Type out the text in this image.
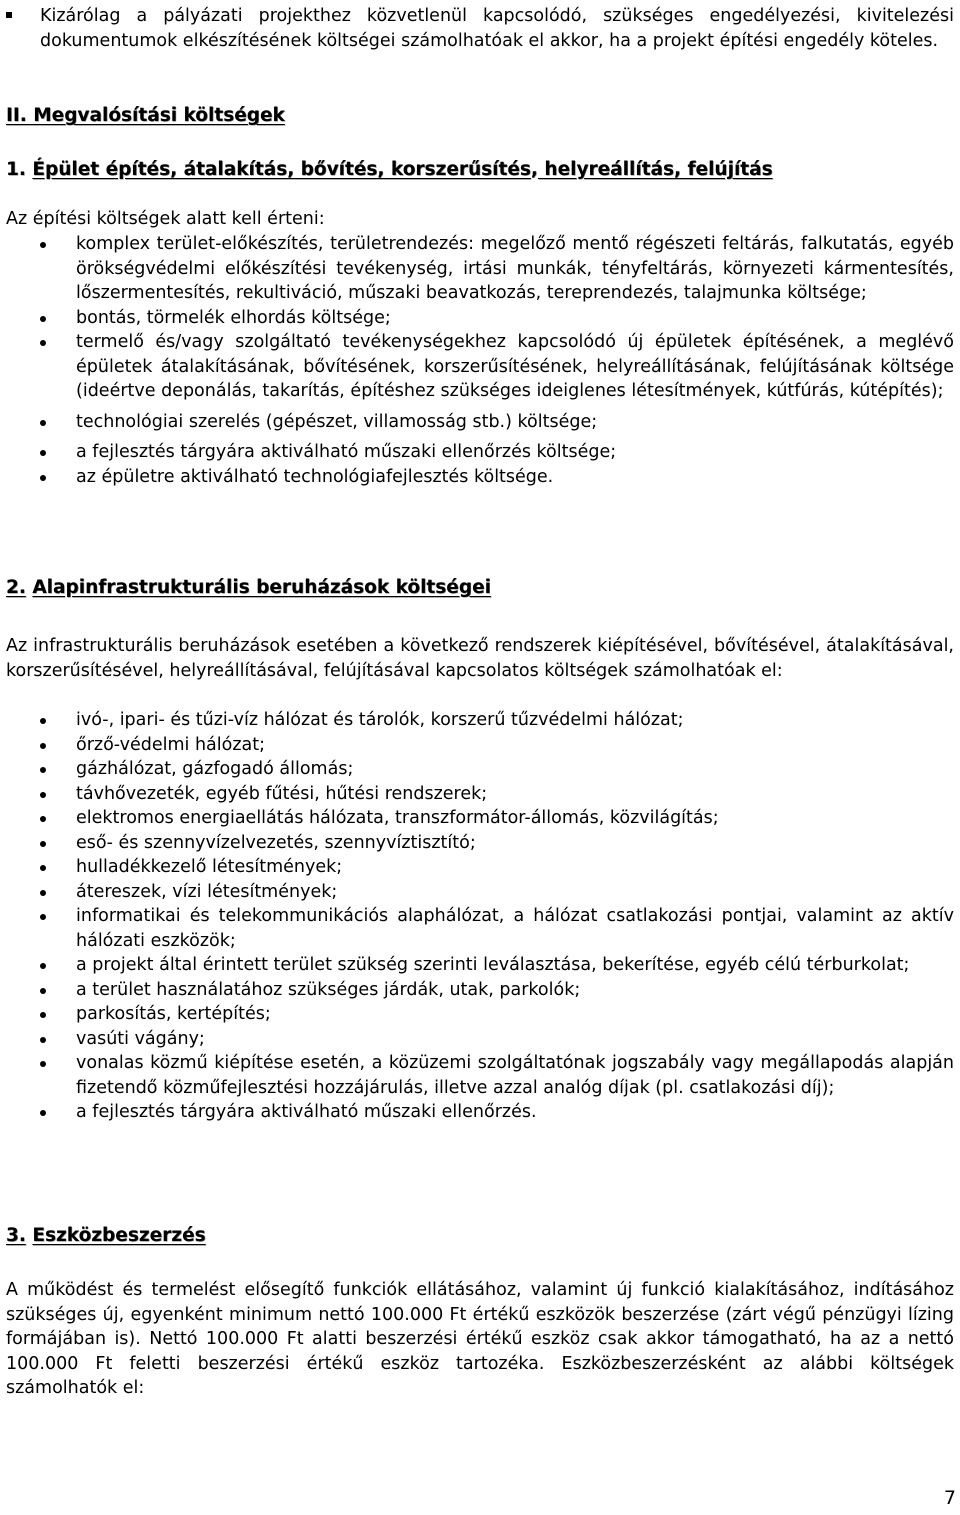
Kizárólag a pályázati projekthez közvetlenül kapcsolódó, szükséges engedélyezési, kivitelezési dokumentumok elkészítésének költségei számolhatóak el akkor, ha a projekt építési engedély köteles.

II. Megvalósítási költségek

1. Épület építés, átalakítás, bővítés, korszerűsítés, helyreállítás, felújítás

Az építési költségek alatt kell érteni:

komplex terület-előkészítés, területrendezés: megelőző mentő régészeti feltárás, falkutatás, egyéb örökségvédelmi előkészítési tevékenység, irtási munkák, tényfeltárás, környezeti kármentesítés, lőszermentesítés, rekultiváció, műszaki beavatkozás, tereprendezés, talajmunka költsége;
bontás, törmelék elhordás költsége;
termelő és/vagy szolgáltató tevékenységekhez kapcsolódó új épületek építésének, a meglévő épületek átalakításának, bővítésének, korszerűsítésének, helyreállításának, felújításának költsége (ideértve deponálás, takarítás, építéshez szükséges ideiglenes létesítmények, kútfúrás, kútépítés);
technológiai szerelés (gépészet, villamosság stb.) költsége;
a fejlesztés tárgyára aktiválható műszaki ellenőrzés költsége;
az épületre aktiválható technológiafejlesztés költsége.

2. Alapinfrastrukturális beruházások költségei

Az infrastrukturális beruházások esetében a következő rendszerek kiépítésével, bővítésével, átalakításával, korszerűsítésével, helyreállításával, felújításával kapcsolatos költségek számolhatóak el:

ivó-, ipari- és tűzi-víz hálózat és tárolók, korszerű tűzvédelmi hálózat;
őrző-védelmi hálózat;
gázhálózat, gázfogadó állomás;
távhővezeték, egyéb fűtési, hűtési rendszerek;
elektromos energiaellátás hálózata, transzformátor-állomás, közvilágítás;
eső- és szennyvízelvezetés, szennyvíztisztító;
hulladékkezelő létesítmények;
átereszek, vízi létesítmények;
informatikai és telekommunikációs alaphálózat, a hálózat csatlakozási pontjai, valamint az aktív hálózati eszközök;
a projekt által érintett terület szükség szerinti leválasztása, bekerítése, egyéb célú térburkolat;
a terület használatához szükséges járdák, utak, parkolók;
parkosítás, kertépítés;
vasúti vágány;
vonalas közmű kiépítése esetén, a közüzemi szolgáltatónak jogszabály vagy megállapodás alapján fizetendő közműfejlesztési hozzájárulás, illetve azzal analóg díjak (pl. csatlakozási díj);
a fejlesztés tárgyára aktiválható műszaki ellenőrzés.

3. Eszközbeszerzés

A működést és termelést elősegítő funkciók ellátásához, valamint új funkció kialakításához, indításához szükséges új, egyenként minimum nettó 100.000 Ft értékű eszközök beszerzése (zárt végű pénzügyi lízing formájában is). Nettó 100.000 Ft alatti beszerzési értékű eszköz csak akkor támogatható, ha az a nettó 100.000 Ft feletti beszerzési értékű eszköz tartozéka. Eszközbeszerzésként az alábbi költségek számolhatók el:

7
